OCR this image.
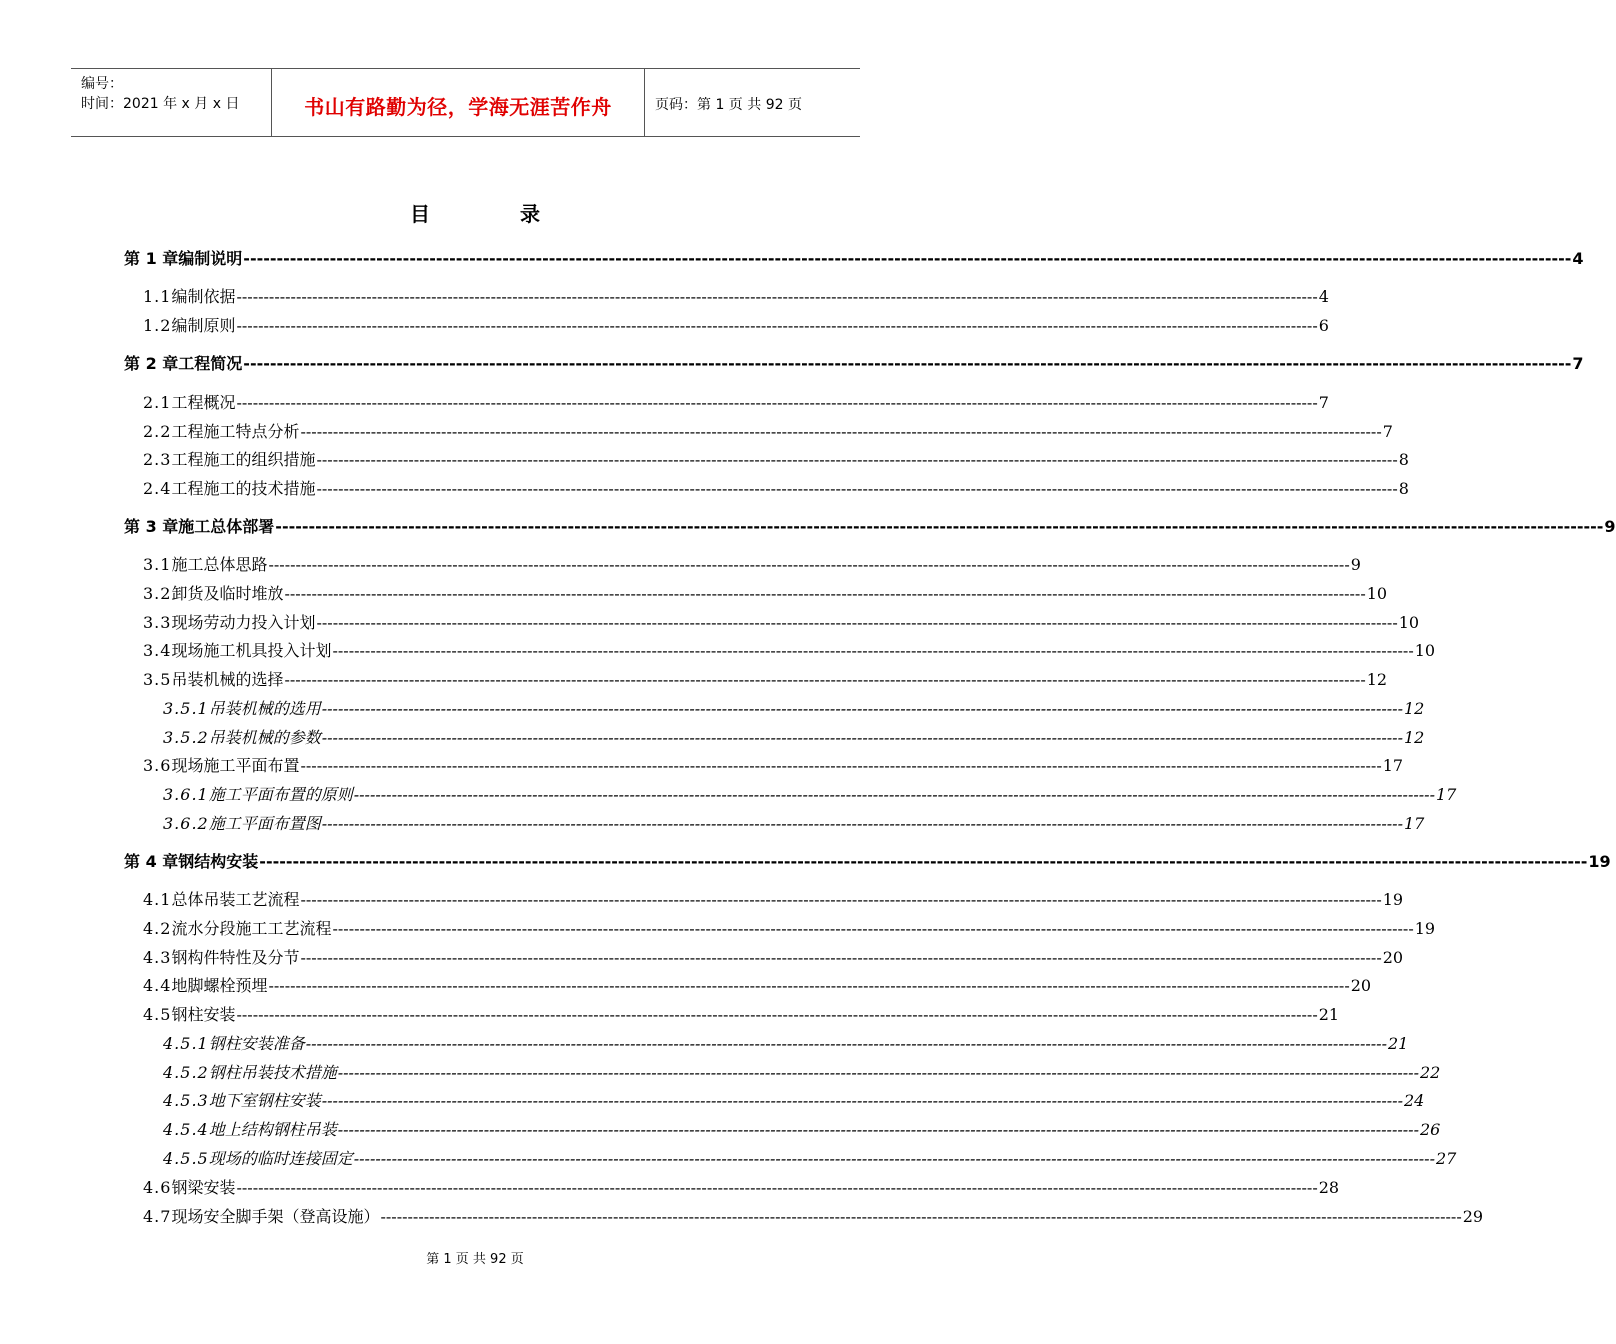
编号：
时间：2021 年 x 月 x 日	书山有路勤为径，学海无涯苦作舟	页码：第 1 页 共 92 页
目	录
第 1 章 编制说明 -------------------------------------------------------------------------------------------------------------------------------------------------------------------------------------------------------- 4
1.1 编制依据 -------------------------------------------------------------------------------------------------------------------------------------------------------------------------------------------------------- 4
1.2 编制原则 -------------------------------------------------------------------------------------------------------------------------------------------------------------------------------------------------------- 6
第 2 章 工程简况 -------------------------------------------------------------------------------------------------------------------------------------------------------------------------------------------------------- 7
2.1 工程概况 -------------------------------------------------------------------------------------------------------------------------------------------------------------------------------------------------------- 7
2.2 工程施工特点分析 -------------------------------------------------------------------------------------------------------------------------------------------------------------------------------------------------------- 7
2.3 工程施工的组织措施 -------------------------------------------------------------------------------------------------------------------------------------------------------------------------------------------------------- 8
2.4 工程施工的技术措施 -------------------------------------------------------------------------------------------------------------------------------------------------------------------------------------------------------- 8
第 3 章 施工总体部署 -------------------------------------------------------------------------------------------------------------------------------------------------------------------------------------------------------- 9
3.1 施工总体思路 -------------------------------------------------------------------------------------------------------------------------------------------------------------------------------------------------------- 9
3.2 卸货及临时堆放 -------------------------------------------------------------------------------------------------------------------------------------------------------------------------------------------------------- 10
3.3 现场劳动力投入计划 -------------------------------------------------------------------------------------------------------------------------------------------------------------------------------------------------------- 10
3.4 现场施工机具投入计划 -------------------------------------------------------------------------------------------------------------------------------------------------------------------------------------------------------- 10
3.5 吊装机械的选择 -------------------------------------------------------------------------------------------------------------------------------------------------------------------------------------------------------- 12
3.5.1 吊装机械的选用 -------------------------------------------------------------------------------------------------------------------------------------------------------------------------------------------------------- 12
3.5.2 吊装机械的参数 -------------------------------------------------------------------------------------------------------------------------------------------------------------------------------------------------------- 12
3.6 现场施工平面布置 -------------------------------------------------------------------------------------------------------------------------------------------------------------------------------------------------------- 17
3.6.1 施工平面布置的原则 -------------------------------------------------------------------------------------------------------------------------------------------------------------------------------------------------------- 17
3.6.2 施工平面布置图 -------------------------------------------------------------------------------------------------------------------------------------------------------------------------------------------------------- 17
第 4 章 钢结构安装 -------------------------------------------------------------------------------------------------------------------------------------------------------------------------------------------------------- 19
4.1 总体吊装工艺流程 -------------------------------------------------------------------------------------------------------------------------------------------------------------------------------------------------------- 19
4.2 流水分段施工工艺流程 -------------------------------------------------------------------------------------------------------------------------------------------------------------------------------------------------------- 19
4.3 钢构件特性及分节 -------------------------------------------------------------------------------------------------------------------------------------------------------------------------------------------------------- 20
4.4 地脚螺栓预埋 -------------------------------------------------------------------------------------------------------------------------------------------------------------------------------------------------------- 20
4.5 钢柱安装 -------------------------------------------------------------------------------------------------------------------------------------------------------------------------------------------------------- 21
4.5.1 钢柱安装准备 -------------------------------------------------------------------------------------------------------------------------------------------------------------------------------------------------------- 21
4.5.2 钢柱吊装技术措施 -------------------------------------------------------------------------------------------------------------------------------------------------------------------------------------------------------- 22
4.5.3 地下室钢柱安装 -------------------------------------------------------------------------------------------------------------------------------------------------------------------------------------------------------- 24
4.5.4 地上结构钢柱吊装 -------------------------------------------------------------------------------------------------------------------------------------------------------------------------------------------------------- 26
4.5.5 现场的临时连接固定 -------------------------------------------------------------------------------------------------------------------------------------------------------------------------------------------------------- 27
4.6 钢梁安装 -------------------------------------------------------------------------------------------------------------------------------------------------------------------------------------------------------- 28
4.7 现场安全脚手架（登高设施） -------------------------------------------------------------------------------------------------------------------------------------------------------------------------------------------------------- 29
第 1 页 共 92 页
